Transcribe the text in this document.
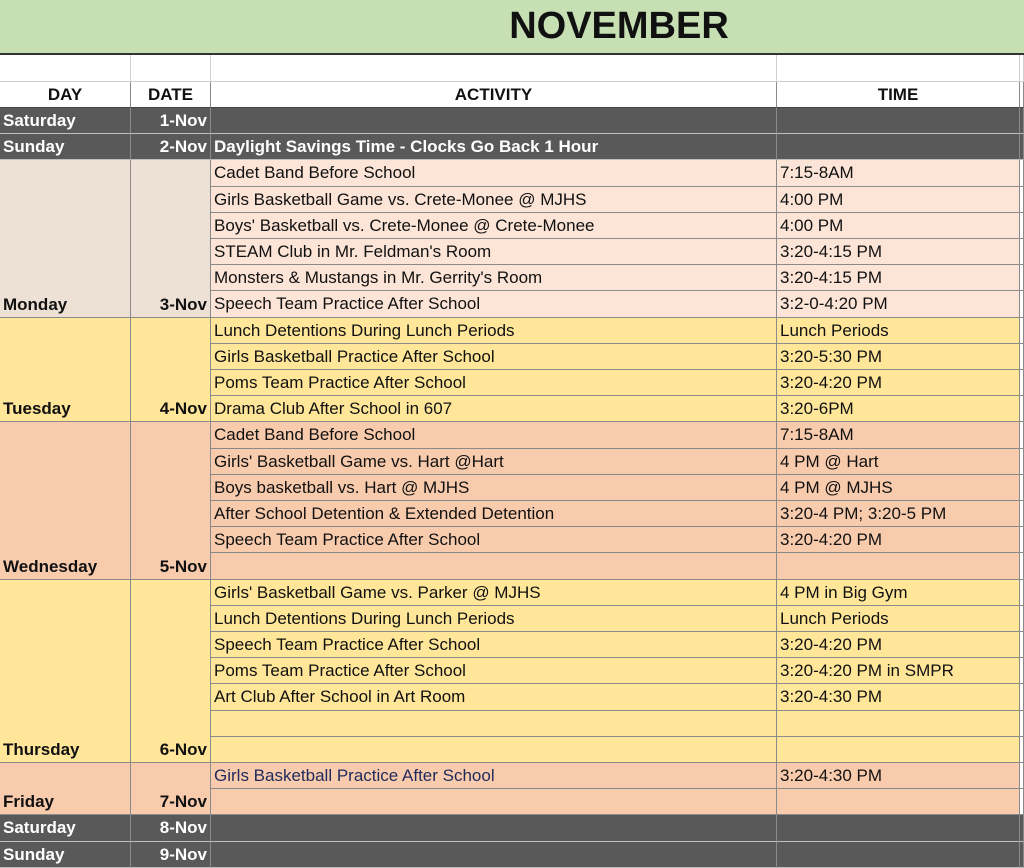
NOVEMBER
DAY	DATE	ACTIVITY	TIME
Saturday	1-Nov
Sunday	2-Nov Daylight Savings Time - Clocks Go Back 1 Hour
Monday	3-Nov
Cadet Band Before School	7:15-8AM
Girls Basketball Game vs. Crete-Monee @ MJHS	4:00 PM
Boys' Basketball vs. Crete-Monee @ Crete-Monee	4:00 PM
STEAM Club in Mr. Feldman's Room	3:20-4:15 PM
Monsters & Mustangs in Mr. Gerrity's Room	3:20-4:15 PM
Speech Team Practice After School	3:2-0-4:20 PM
Tuesday	4-Nov
Lunch Detentions During Lunch Periods	Lunch Periods
Girls Basketball Practice After School	3:20-5:30 PM
Poms Team Practice After School	3:20-4:20 PM
Drama Club After School in 607	3:20-6PM
Wednesday	5-Nov
Cadet Band Before School	7:15-8AM
Girls' Basketball Game vs. Hart @Hart	4 PM @ Hart
Boys basketball vs. Hart @ MJHS	4 PM @ MJHS
After School Detention & Extended Detention	3:20-4 PM; 3:20-5 PM
Speech Team Practice After School	3:20-4:20 PM
Thursday	6-Nov
Girls' Basketball Game vs. Parker @ MJHS	4 PM in Big Gym
Lunch Detentions During Lunch Periods	Lunch Periods
Speech Team Practice After School	3:20-4:20 PM
Poms Team Practice After School	3:20-4:20 PM in SMPR
Art Club After School in Art Room	3:20-4:30 PM
Friday	7-Nov
Girls Basketball Practice After School	3:20-4:30 PM
Saturday	8-Nov
Sunday	9-Nov
